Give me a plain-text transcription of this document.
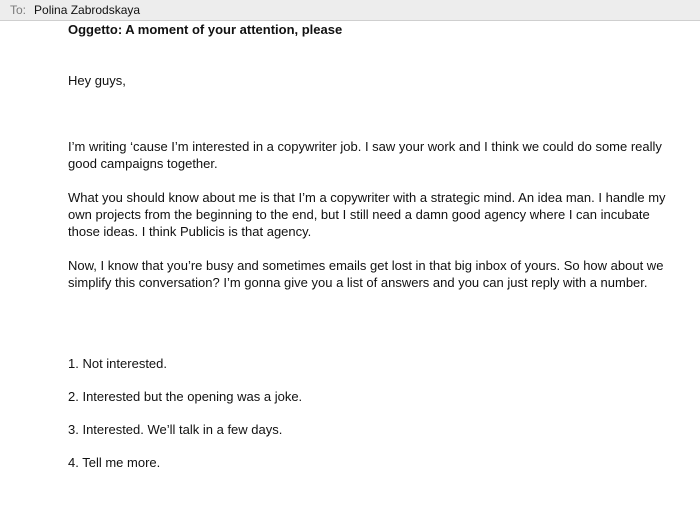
To: Polina Zabrodskaya
Oggetto: A moment of your attention, please

Hey guys,

I’m writing ‘cause I’m interested in a copywriter job. I saw your work and I think we could do some really good campaigns together.

What you should know about me is that I’m a copywriter with a strategic mind. An idea man. I handle my own projects from the beginning to the end, but I still need a damn good agency where I can incubate those ideas. I think Publicis is that agency.

Now, I know that you’re busy and sometimes emails get lost in that big inbox of yours. So how about we simplify this conversation? I’m gonna give you a list of answers and you can just reply with a number.

1. Not interested.

2. Interested but the opening was a joke.

3. Interested. We’ll talk in a few days.

4. Tell me more.
